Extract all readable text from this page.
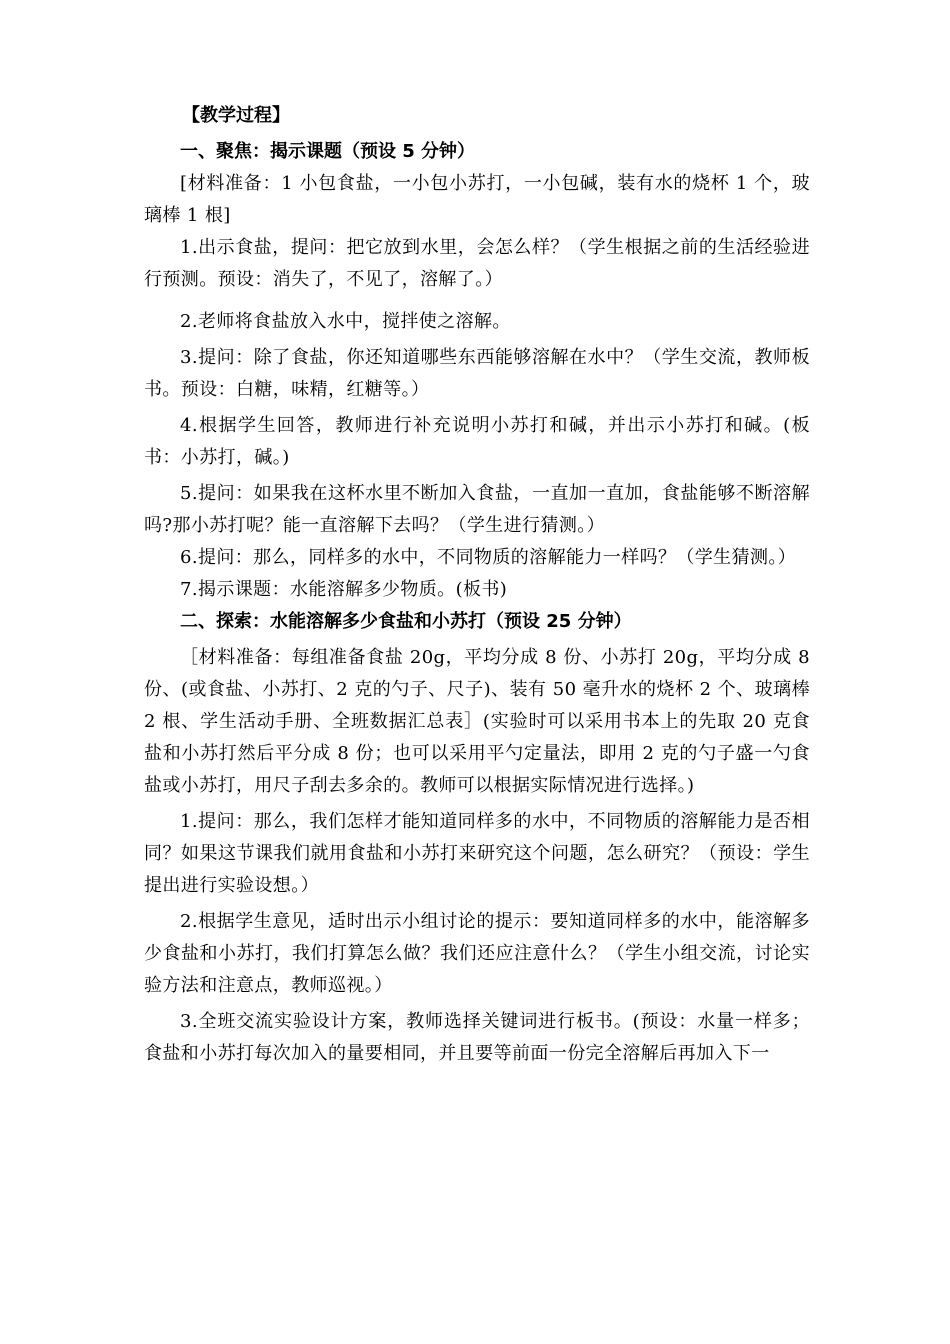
【教学过程】

一、聚焦：揭示课题（预设 5 分钟）

[材料准备：1 小包食盐，一小包小苏打，一小包碱，装有水的烧杯 1 个，玻璃棒 1 根]

1.出示食盐，提问：把它放到水里，会怎么样？（学生根据之前的生活经验进行预测。预设：消失了，不见了，溶解了。）

2.老师将食盐放入水中，搅拌使之溶解。

3.提问：除了食盐，你还知道哪些东西能够溶解在水中？（学生交流，教师板书。预设：白糖，味精，红糖等。）

4.根据学生回答，教师进行补充说明小苏打和碱，并出示小苏打和碱。(板书：小苏打，碱。)

5.提问：如果我在这杯水里不断加入食盐，一直加一直加，食盐能够不断溶解吗?那小苏打呢？能一直溶解下去吗？（学生进行猜测。）

6.提问：那么，同样多的水中，不同物质的溶解能力一样吗？（学生猜测。）

7.揭示课题：水能溶解多少物质。(板书)

二、探索：水能溶解多少食盐和小苏打（预设 25 分钟）

［材料准备：每组准备食盐 20g，平均分成 8 份、小苏打 20g，平均分成 8 份、(或食盐、小苏打、2 克的勺子、尺子)、装有 50 毫升水的烧杯 2 个、玻璃棒 2 根、学生活动手册、全班数据汇总表］(实验时可以采用书本上的先取 20 克食盐和小苏打然后平分成 8 份；也可以采用平勺定量法，即用 2 克的勺子盛一勺食盐或小苏打，用尺子刮去多余的。教师可以根据实际情况进行选择。)

1.提问：那么，我们怎样才能知道同样多的水中，不同物质的溶解能力是否相同？如果这节课我们就用食盐和小苏打来研究这个问题，怎么研究？（预设：学生提出进行实验设想。）

2.根据学生意见，适时出示小组讨论的提示：要知道同样多的水中，能溶解多少食盐和小苏打，我们打算怎么做？我们还应注意什么？（学生小组交流，讨论实验方法和注意点，教师巡视。）

3.全班交流实验设计方案，教师选择关键词进行板书。(预设：水量一样多；食盐和小苏打每次加入的量要相同，并且要等前面一份完全溶解后再加入下一
